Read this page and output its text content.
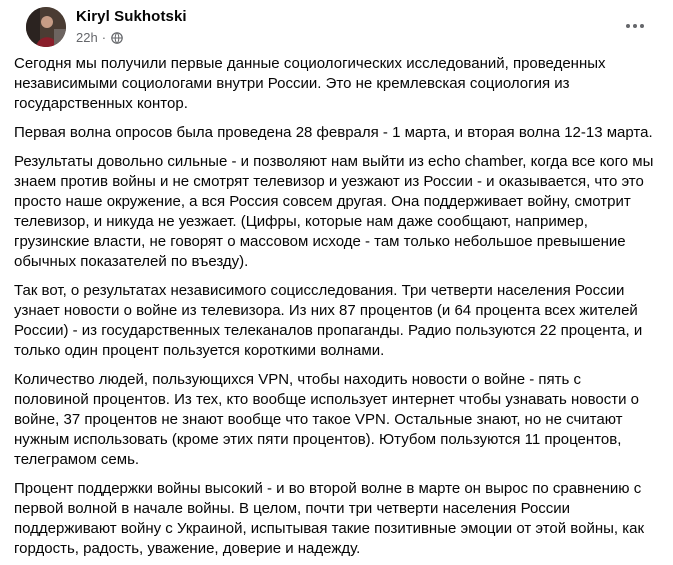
Kiryl Sukhotski
22h ·

Сегодня мы получили первые данные социологических исследований, проведенных независимыми социологами внутри России. Это не кремлевская социология из государственных контор.

Первая волна опросов была проведена 28 февраля - 1 марта, и вторая волна 12-13 марта.

Результаты довольно сильные - и позволяют нам выйти из echo chamber, когда все кого мы знаем против войны и не смотрят телевизор и уезжают из России - и оказывается, что это просто наше окружение, а вся Россия совсем другая. Она поддерживает войну, смотрит телевизор, и никуда не уезжает. (Цифры, которые нам даже сообщают, например, грузинские власти, не говорят о массовом исходе - там только небольшое превышение обычных показателей по въезду).

Так вот, о результатах независимого социсследования. Три четверти населения России узнает новости о войне из телевизора. Из них 87 процентов (и 64 процента всех жителей России) - из государственных телеканалов пропаганды. Радио пользуются 22 процента, и только один процент пользуется короткими волнами.

Количество людей, пользующихся VPN, чтобы находить новости о войне - пять с половиной процентов. Из тех, кто вообще использует интернет чтобы узнавать новости о войне, 37 процентов не знают вообще что такое VPN. Остальные знают, но не считают нужным использовать (кроме этих пяти процентов). Ютубом пользуются 11 процентов, телеграмом семь.

Процент поддержки войны высокий - и во второй волне в марте он вырос по сравнению с первой волной в начале войны. В целом, почти три четверти населения России поддерживают войну с Украиной, испытывая такие позитивные эмоции от этой войны, как гордость, радость, уважение, доверие и надежду.
